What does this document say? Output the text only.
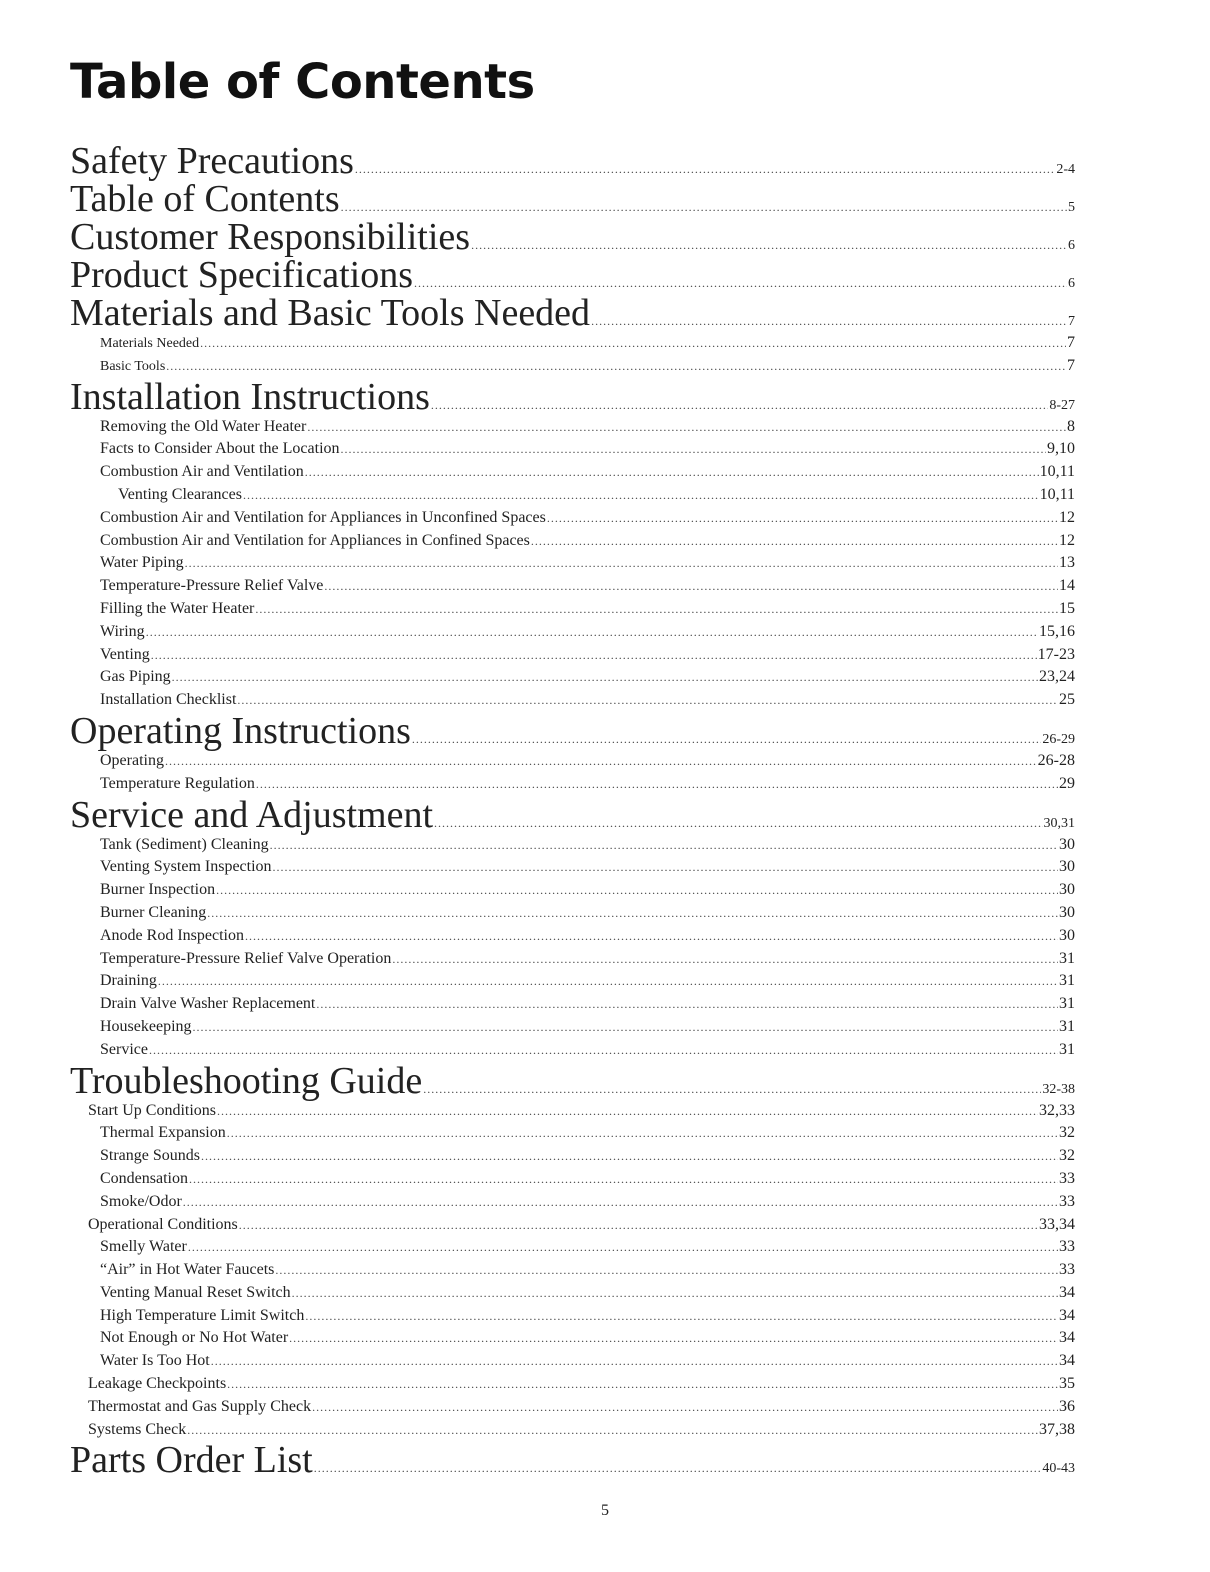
Table of Contents
Safety Precautions .....	2-4
Table of Contents .....	5
Customer Responsibilities .....	6
Product Specifications .....	6
Materials and Basic Tools Needed .....	7
Materials Needed .....	7
Basic Tools .....	7
Installation Instructions .....	8-27
Removing the Old Water Heater .....	8
Facts to Consider About the Location .....	9,10
Combustion Air and Ventilation .....	10,11
Venting Clearances .....	10,11
Combustion Air and Ventilation for Appliances in Unconfined Spaces .....	12
Combustion Air and Ventilation for Appliances in Confined Spaces .....	12
Water Piping .....	13
Temperature-Pressure Relief Valve .....	14
Filling the Water Heater .....	15
Wiring .....	15,16
Venting .....	17-23
Gas Piping .....	23,24
Installation Checklist .....	25
Operating Instructions .....	26-29
Operating .....	26-28
Temperature Regulation .....	29
Service and Adjustment .....	30,31
Tank (Sediment) Cleaning .....	30
Venting System Inspection .....	30
Burner Inspection .....	30
Burner Cleaning .....	30
Anode Rod Inspection .....	30
Temperature-Pressure Relief Valve Operation .....	31
Draining .....	31
Drain Valve Washer Replacement .....	31
Housekeeping .....	31
Service .....	31
Troubleshooting Guide .....	32-38
Start Up Conditions .....	32,33
Thermal Expansion .....	32
Strange Sounds .....	32
Condensation .....	33
Smoke/Odor .....	33
Operational Conditions .....	33,34
Smelly Water .....	33
“Air” in Hot Water Faucets .....	33
Venting Manual Reset Switch .....	34
High Temperature Limit Switch .....	34
Not Enough or No Hot Water .....	34
Water Is Too Hot .....	34
Leakage Checkpoints .....	35
Thermostat and Gas Supply Check .....	36
Systems Check .....	37,38
Parts Order List .....	40-43
5
